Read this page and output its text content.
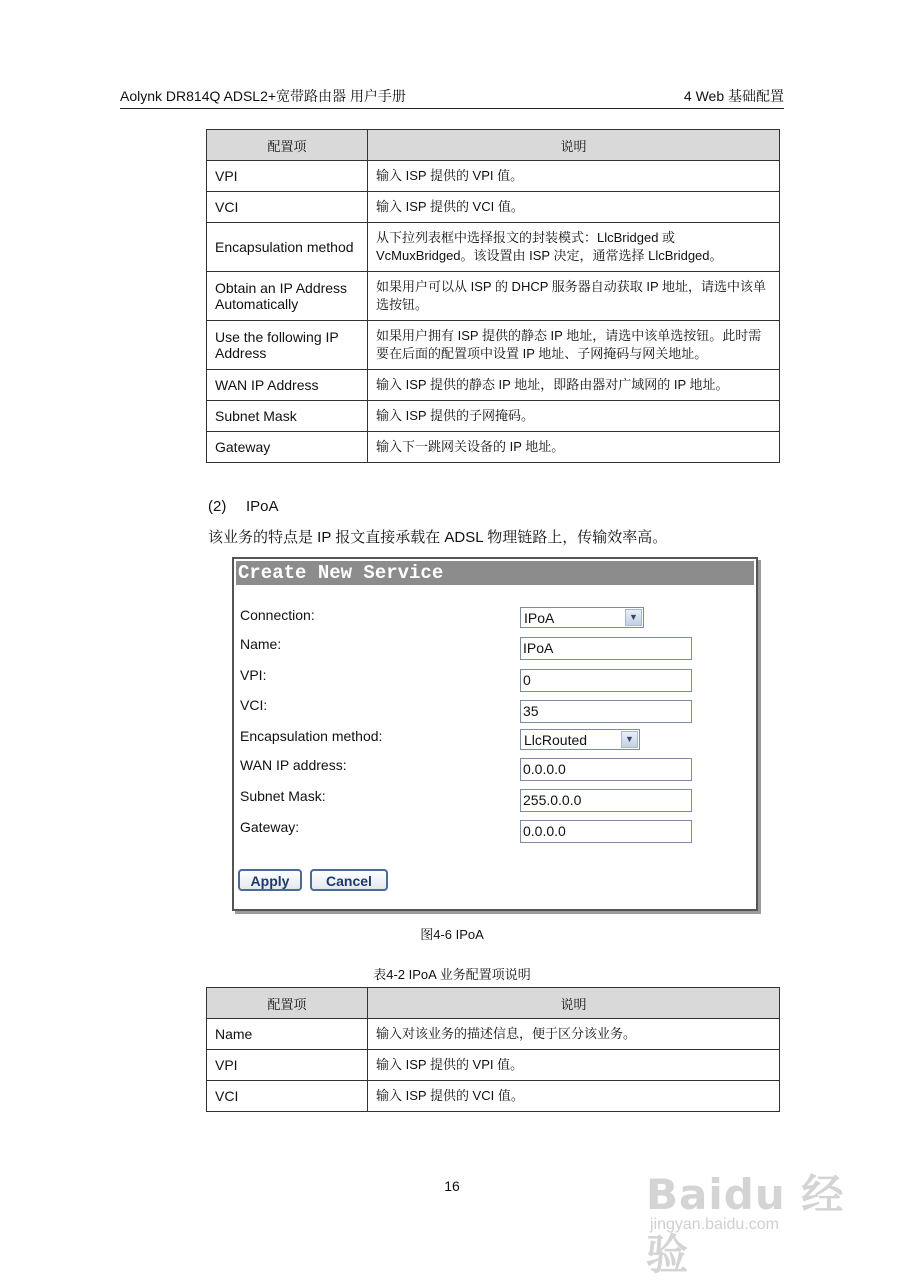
Aolynk DR814Q ADSL2+宽带路由器 用户手册	4 Web 基础配置
配置项	说明
VPI	输入 ISP 提供的 VPI 值。
VCI	输入 ISP 提供的 VCI 值。
Encapsulation method	从下拉列表框中选择报文的封装模式：LlcBridged 或 VcMuxBridged。该设置由 ISP 决定，通常选择 LlcBridged。
Obtain an IP Address Automatically	如果用户可以从 ISP 的 DHCP 服务器自动获取 IP 地址，请选中该单选按钮。
Use the following IP Address	如果用户拥有 ISP 提供的静态 IP 地址，请选中该单选按钮。此时需要在后面的配置项中设置 IP 地址、子网掩码与网关地址。
WAN IP Address	输入 ISP 提供的静态 IP 地址，即路由器对广域网的 IP 地址。
Subnet Mask	输入 ISP 提供的子网掩码。
Gateway	输入下一跳网关设备的 IP 地址。
(2) IPoA
该业务的特点是 IP 报文直接承载在 ADSL 物理链路上，传输效率高。
Create New Service
Connection:	IPoA	▼
Name:	IPoA
VPI:	0
VCI:	35
Encapsulation method:	LlcRouted	▼
WAN IP address:	0.0.0.0
Subnet Mask:	255.0.0.0
Gateway:	0.0.0.0
Apply	Cancel
图4-6 IPoA
表4-2 IPoA 业务配置项说明
配置项	说明
Name	输入对该业务的描述信息，便于区分该业务。
VPI	输入 ISP 提供的 VPI 值。
VCI	输入 ISP 提供的 VCI 值。
16	Baidu 经验
jingyan.baidu.com
